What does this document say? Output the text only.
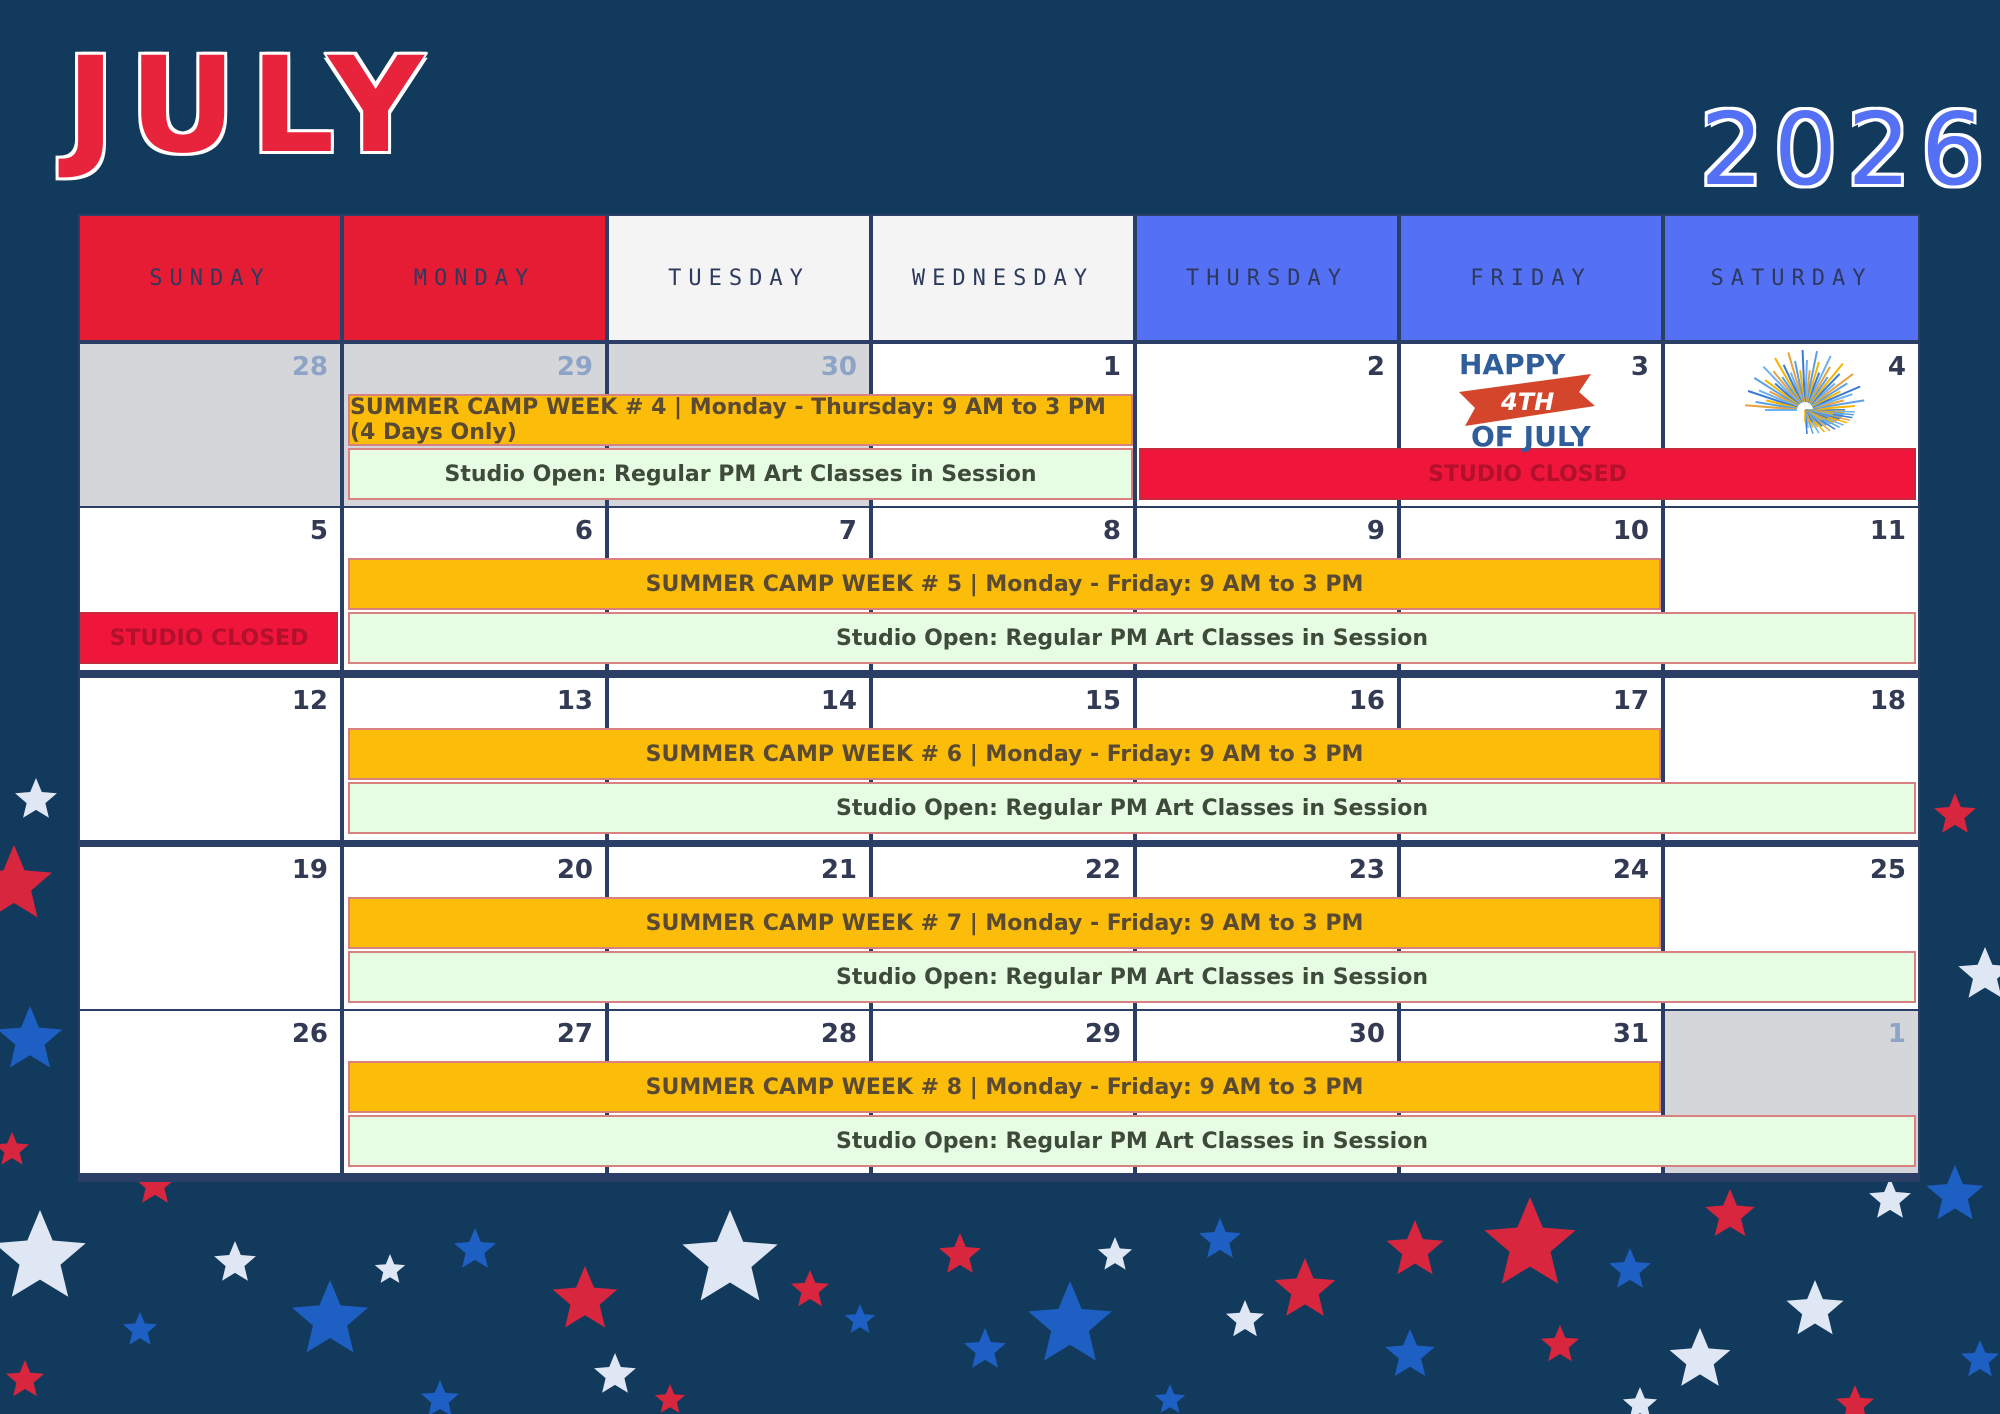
JULY	2026
SUNDAY	MONDAY	TUESDAY	WEDNESDAY	THURSDAY	FRIDAY	SATURDAY
28	29	30	1	2	3	4
SUMMER CAMP WEEK # 4 | Monday - Thursday: 9 AM to 3 PM (4 Days Only)
Studio Open: Regular PM Art Classes in Session	STUDIO CLOSED
5	6	7	8	9	10	11
SUMMER CAMP WEEK # 5 | Monday - Friday: 9 AM to 3 PM
Studio Open: Regular PM Art Classes in Session
STUDIO CLOSED
12	13	14	15	16	17	18
SUMMER CAMP WEEK # 6 | Monday - Friday: 9 AM to 3 PM
Studio Open: Regular PM Art Classes in Session
19	20	21	22	23	24	25
SUMMER CAMP WEEK # 7 | Monday - Friday: 9 AM to 3 PM
Studio Open: Regular PM Art Classes in Session
26	27	28	29	30	31	1
SUMMER CAMP WEEK # 8 | Monday - Friday: 9 AM to 3 PM
Studio Open: Regular PM Art Classes in Session
HAPPY
4TH
OF JULY
